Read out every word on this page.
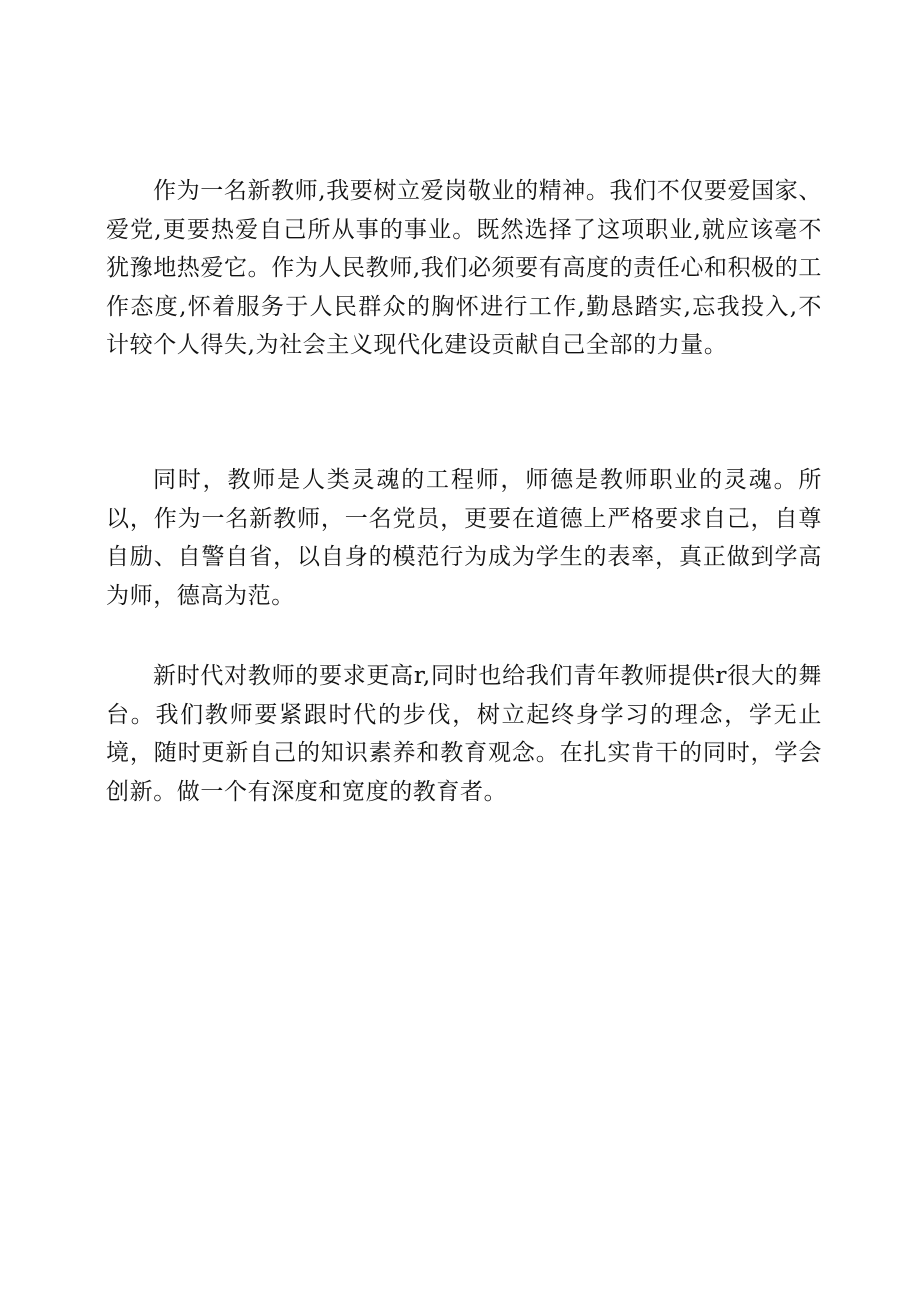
作为一名新教师,我要树立爱岗敬业的精神。我们不仅要爱国家、爱党,更要热爱自己所从事的事业。既然选择了这项职业,就应该毫不犹豫地热爱它。作为人民教师,我们必须要有高度的责任心和积极的工作态度,怀着服务于人民群众的胸怀进行工作,勤恳踏实,忘我投入,不计较个人得失,为社会主义现代化建设贡献自己全部的力量。

同时，教师是人类灵魂的工程师，师德是教师职业的灵魂。所以，作为一名新教师，一名党员，更要在道德上严格要求自己，自尊自励、自警自省，以自身的模范行为成为学生的表率，真正做到学高为师，德高为范。

新时代对教师的要求更高r,同时也给我们青年教师提供r很大的舞台。我们教师要紧跟时代的步伐，树立起终身学习的理念，学无止境，随时更新自己的知识素养和教育观念。在扎实肯干的同时，学会创新。做一个有深度和宽度的教育者。
